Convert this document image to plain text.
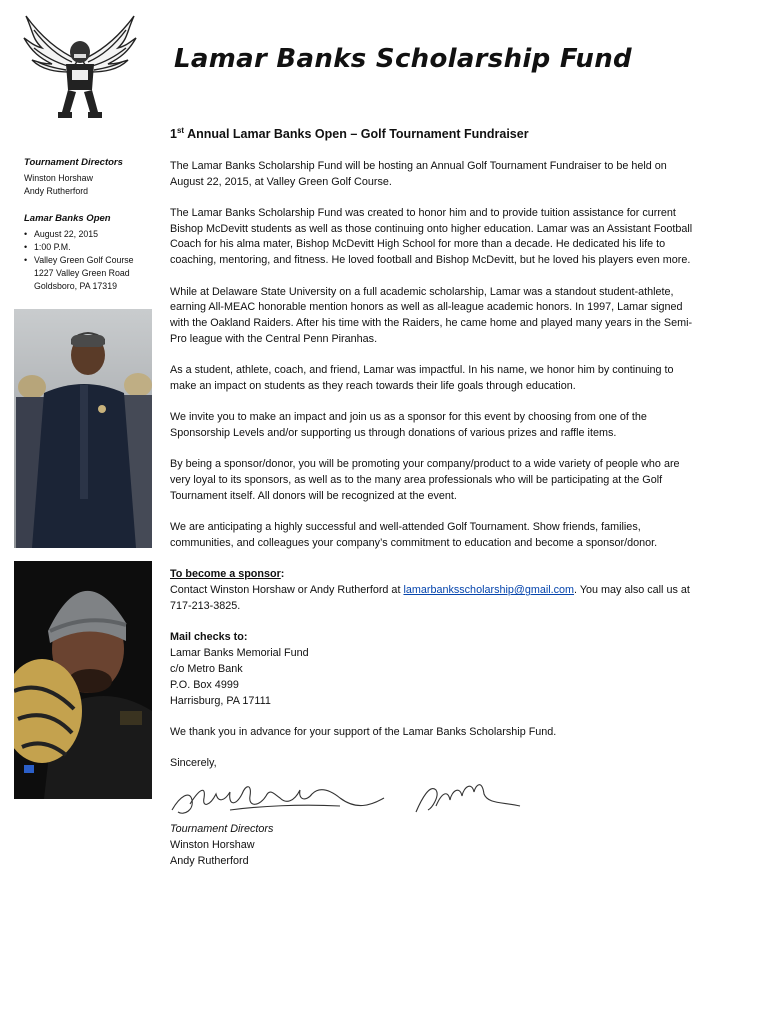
Lamar Banks Scholarship Fund

Tournament Directors

Winston Horshaw

Andy Rutherford

Lamar Banks Open

• August 22, 2015
• 1:00 P.M.
• Valley Green Golf Course

1227 Valley Green Road

Goldsboro, PA 17319

1st Annual Lamar Banks Open – Golf Tournament Fundraiser

The Lamar Banks Scholarship Fund will be hosting an Annual Golf Tournament Fundraiser to be held on August 22, 2015, at Valley Green Golf Course.

The Lamar Banks Scholarship Fund was created to honor him and to provide tuition assistance for current Bishop McDevitt students as well as those continuing onto higher education. Lamar was an Assistant Football Coach for his alma mater, Bishop McDevitt High School for more than a decade. He dedicated his life to coaching, mentoring, and fitness. He loved football and Bishop McDevitt, but he loved his players even more.

While at Delaware State University on a full academic scholarship, Lamar was a standout student-athlete, earning All-MEAC honorable mention honors as well as all-league academic honors. In 1997, Lamar signed with the Oakland Raiders. After his time with the Raiders, he came home and played many years in the Semi-Pro league with the Central Penn Piranhas.

As a student, athlete, coach, and friend, Lamar was impactful. In his name, we honor him by continuing to make an impact on students as they reach towards their life goals through education.

We invite you to make an impact and join us as a sponsor for this event by choosing from one of the Sponsorship Levels and/or supporting us through donations of various prizes and raffle items.

By being a sponsor/donor, you will be promoting your company/product to a wide variety of people who are very loyal to its sponsors, as well as to the many area professionals who will be participating at the Golf Tournament itself. All donors will be recognized at the event.

We are anticipating a highly successful and well-attended Golf Tournament. Show friends, families, communities, and colleagues your company’s commitment to education and become a sponsor/donor.

To become a sponsor:

Contact Winston Horshaw or Andy Rutherford at lamarbanksscholarship@gmail.com. You may also call us at 717-213-3825.

Mail checks to:

Lamar Banks Memorial Fund

c/o Metro Bank

P.O. Box 4999

Harrisburg, PA 17111

We thank you in advance for your support of the Lamar Banks Scholarship Fund.

Sincerely,

Tournament Directors

Winston Horshaw

Andy Rutherford
